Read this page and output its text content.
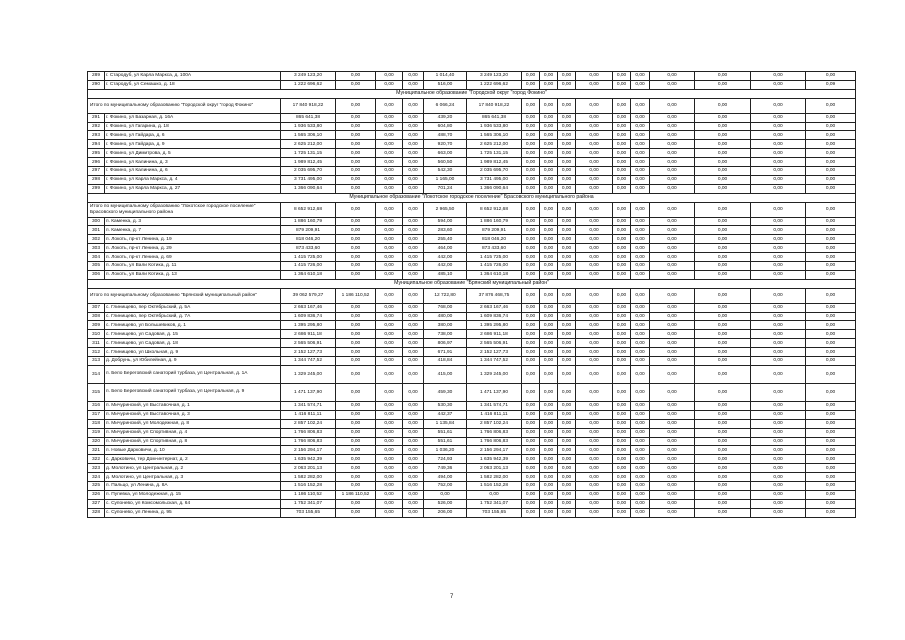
289	г. Стародуб, ул Карла Маркса, д. 100А	3 249 123,20	0,00	0,00	0,00	1 014,40	3 249 123,20	0,00	0,00	0,00	0,00	0,00	0,00	0,00	0,00	0,00	0,00
290	г. Стародуб, ул Семашко, д. 18	1 222 696,62	0,00	0,00	0,00	516,00	1 222 696,62	0,00	0,00	0,00	0,00	0,00	0,00	0,00	0,00	0,00	0,09
Муниципальное образование "Городской округ "город Фокино"																	
Итого по муниципальному образованию "Городской округ "город Фокино"		17 840 918,22	0,00	0,00	0,00	6 066,24	17 840 918,22	0,00	0,00	0,00	0,00	0,00	0,00	0,00	0,00	0,00	0,00
291	г. Фокино, ул Базарная, д. 16А	865 641,38	0,00	0,00	0,00	439,20	865 641,38	0,00	0,00	0,00	0,00	0,00	0,00	0,00	0,00	0,00	0,00
292	г. Фокино, ул Гагарина, д. 18	1 936 533,80	0,00	0,00	0,00	604,80	1 936 533,80	0,00	0,00	0,00	0,00	0,00	0,00	0,00	0,00	0,00	0,00
293	г. Фокино, ул Гайдара, д. 6	1 565 306,10	0,00	0,00	0,00	488,70	1 565 306,10	0,00	0,00	0,00	0,00	0,00	0,00	0,00	0,00	0,00	0,00
294	г. Фокино, ул Гайдара, д. 9	2 625 212,00	0,00	0,00	0,00	920,70	2 625 212,00	0,00	0,00	0,00	0,00	0,00	0,00	0,00	0,00	0,00	0,00
295	г. Фокино, ул Димитрова, д. 5	1 725 131,15	0,00	0,00	0,00	663,00	1 725 131,15	0,00	0,00	0,00	0,00	0,00	0,00	0,00	0,00	0,00	0,00
296	г. Фокино, ул Калинина, д. 3	1 989 812,45	0,00	0,00	0,00	560,50	1 989 812,45	0,00	0,00	0,00	0,00	0,00	0,00	0,00	0,00	0,00	0,00
297	г. Фокино, ул Калинина, д. 6	2 035 695,70	0,00	0,00	0,00	542,30	2 035 695,70	0,00	0,00	0,00	0,00	0,00	0,00	0,00	0,00	0,00	0,00
298	г. Фокино, ул Карла Маркса, д. 4	3 731 495,00	0,00	0,00	0,00	1 165,00	3 731 495,00	0,00	0,00	0,00	0,00	0,00	0,00	0,00	0,00	0,00	0,00
299	г. Фокино, ул Карла Маркса, д. 27	1 366 090,64	0,00	0,00	0,00	701,24	1 366 090,64	0,00	0,00	0,00	0,00	0,00	0,00	0,00	0,00	0,00	0,00
Муниципальное образование "Локотское городское поселение" Брасовского муниципального района																	
Итого по муниципальному образованию "Локотское городское поселение" Брасовского муниципального района		8 652 912,68	0,00	0,00	0,00	2 965,50	8 652 912,68	0,00	0,00	0,00	0,00	0,00	0,00	0,00	0,00	0,00	0,00
300	п. Каменка, д. 3	1 886 160,79	0,00	0,00	0,00	594,00	1 886 160,79	0,00	0,00	0,00	0,00	0,00	0,00	0,00	0,00	0,00	0,00
301	п. Каменка, д. 7	879 209,91	0,00	0,00	0,00	283,60	879 209,91	0,00	0,00	0,00	0,00	0,00	0,00	0,00	0,00	0,00	0,00
302	п. Локоть, пр-кт Ленина, д. 19	818 046,20	0,00	0,00	0,00	255,40	818 046,20	0,00	0,00	0,00	0,00	0,00	0,00	0,00	0,00	0,00	0,00
303	п. Локоть, пр-кт Ленина, д. 29	873 433,60	0,00	0,00	0,00	464,00	873 433,60	0,00	0,00	0,00	0,00	0,00	0,00	0,00	0,00	0,00	0,00
304	п. Локоть, пр-кт Ленина, д. 69	1 415 725,00	0,00	0,00	0,00	442,00	1 415 725,00	0,00	0,00	0,00	0,00	0,00	0,00	0,00	0,00	0,00	0,00
305	п. Локоть, ул Вали Котика, д. 11	1 415 726,00	0,00	0,00	0,00	442,00	1 415 726,00	0,00	0,00	0,00	0,00	0,00	0,00	0,00	0,00	0,00	0,00
306	п. Локоть, ул Вали Котика, д. 13	1 364 610,18	0,00	0,00	0,00	485,10	1 364 610,18	0,00	0,00	0,00	0,00	0,00	0,00	0,00	0,00	0,00	0,00
Муниципальное образование "Брянский муниципальный район"																	
Итого по муниципальному образованию "Брянский муниципальный район"		39 062 579,27	1 186 110,52	0,00	0,00	12 722,80	37 876 468,75	0,00	0,00	0,00	0,00	0,00	0,00	0,00	0,00	0,00	0,00
307	с. Глинищево, пер Октябрьский, д. 5А	2 663 167,46	0,00	0,00	0,00	768,00	2 663 167,46	0,00	0,00	0,00	0,00	0,00	0,00	0,00	0,00	0,00	0,00
308	с. Глинищево, пер Октябрьский, д. 7А	1 609 836,74	0,00	0,00	0,00	480,00	1 609 836,74	0,00	0,00	0,00	0,00	0,00	0,00	0,00	0,00	0,00	0,00
309	с. Глинищево, ул Большевиков, д. 1	1 395 295,80	0,00	0,00	0,00	380,00	1 395 295,80	0,00	0,00	0,00	0,00	0,00	0,00	0,00	0,00	0,00	0,00
310	с. Глинищево, ул Садовая, д. 15	2 686 911,18	0,00	0,00	0,00	738,00	2 686 911,18	0,00	0,00	0,00	0,00	0,00	0,00	0,00	0,00	0,00	0,00
311	с. Глинищево, ул Садовая, д. 18	2 565 506,91	0,00	0,00	0,00	806,97	2 565 506,91	0,00	0,00	0,00	0,00	0,00	0,00	0,00	0,00	0,00	0,00
312	с. Глинищево, ул Школьная, д. 9	2 152 127,73	0,00	0,00	0,00	671,91	2 152 127,73	0,00	0,00	0,00	0,00	0,00	0,00	0,00	0,00	0,00	0,00
313	д. Добрунь, ул Юбилейная, д. 9	1 344 747,52	0,00	0,00	0,00	418,84	1 344 747,52	0,00	0,00	0,00	0,00	0,00	0,00	0,00	0,00	0,00	0,00
314	п. Бело Береговский санаторий турбаза, ул Центральная, д. 1А	1 329 245,00	0,00	0,00	0,00	415,00	1 329 245,00	0,00	0,00	0,00	0,00	0,00	0,00	0,00	0,00	0,00	0,00
315	п. Бело Береговский санаторий турбаза, ул Центральная, д. 9	1 471 137,90	0,00	0,00	0,00	459,30	1 471 137,90	0,00	0,00	0,00	0,00	0,00	0,00	0,00	0,00	0,00	0,00
316	п. Мичуринский, ул Выставочная, д. 1	1 341 574,71	0,00	0,00	0,00	530,30	1 341 574,71	0,00	0,00	0,00	0,00	0,00	0,00	0,00	0,00	0,00	0,00
317	п. Мичуринский, ул Выставочная, д. 3	1 416 811,11	0,00	0,00	0,00	442,37	1 416 811,11	0,00	0,00	0,00	0,00	0,00	0,00	0,00	0,00	0,00	0,00
318	п. Мичуринский, ул Молодежная, д. 8	2 857 102,24	0,00	0,00	0,00	1 135,84	2 857 102,24	0,00	0,00	0,00	0,00	0,00	0,00	0,00	0,00	0,00	0,00
319	п. Мичуринский, ул Спортивная, д. 4	1 766 806,83	0,00	0,00	0,00	551,61	1 766 806,83	0,00	0,00	0,00	0,00	0,00	0,00	0,00	0,00	0,00	0,00
320	п. Мичуринский, ул Спортивная, д. 8	1 766 806,83	0,00	0,00	0,00	551,61	1 766 806,83	0,00	0,00	0,00	0,00	0,00	0,00	0,00	0,00	0,00	0,00
321	п. Новые Дарковичи, д. 10	2 156 294,17	0,00	0,00	0,00	1 036,20	2 156 294,17	0,00	0,00	0,00	0,00	0,00	0,00	0,00	0,00	0,00	0,00
322	с. Дарковичи, тер Дом-интернат, д. 2	1 635 942,39	0,00	0,00	0,00	724,93	1 635 942,39	0,00	0,00	0,00	0,00	0,00	0,00	0,00	0,00	0,00	0,00
323	д. Молотино, ул Центральная, д. 2	2 063 201,13	0,00	0,00	0,00	749,36	2 063 201,13	0,00	0,00	0,00	0,00	0,00	0,00	0,00	0,00	0,00	0,00
324	д. Молотино, ул Центральная, д. 3	1 582 282,00	0,00	0,00	0,00	494,00	1 582 282,00	0,00	0,00	0,00	0,00	0,00	0,00	0,00	0,00	0,00	0,00
325	п. Пальцо, ул Ленина, д. 8А	1 516 152,28	0,00	0,00	0,00	752,00	1 516 152,28	0,00	0,00	0,00	0,00	0,00	0,00	0,00	0,00	0,00	0,00
326	п. Пупевка, ул Молодежная, д. 15	1 186 110,52	1 186 110,52	0,00	0,00	0,00	0,00	0,00	0,00	0,00	0,00	0,00	0,00	0,00	0,00	0,00	0,00
327	с. Супонево, ул Комсомольская, д. 64	1 752 341,07	0,00	0,00	0,00	526,00	1 752 341,07	0,00	0,00	0,00	0,00	0,00	0,00	0,00	0,00	0,00	0,00
328	с. Супонево, ул Ленина, д. 95	703 155,65	0,00	0,00	0,00	206,00	703 155,65	0,00	0,00	0,00	0,00	0,00	0,00	0,00	0,00	0,00	0,00
7
